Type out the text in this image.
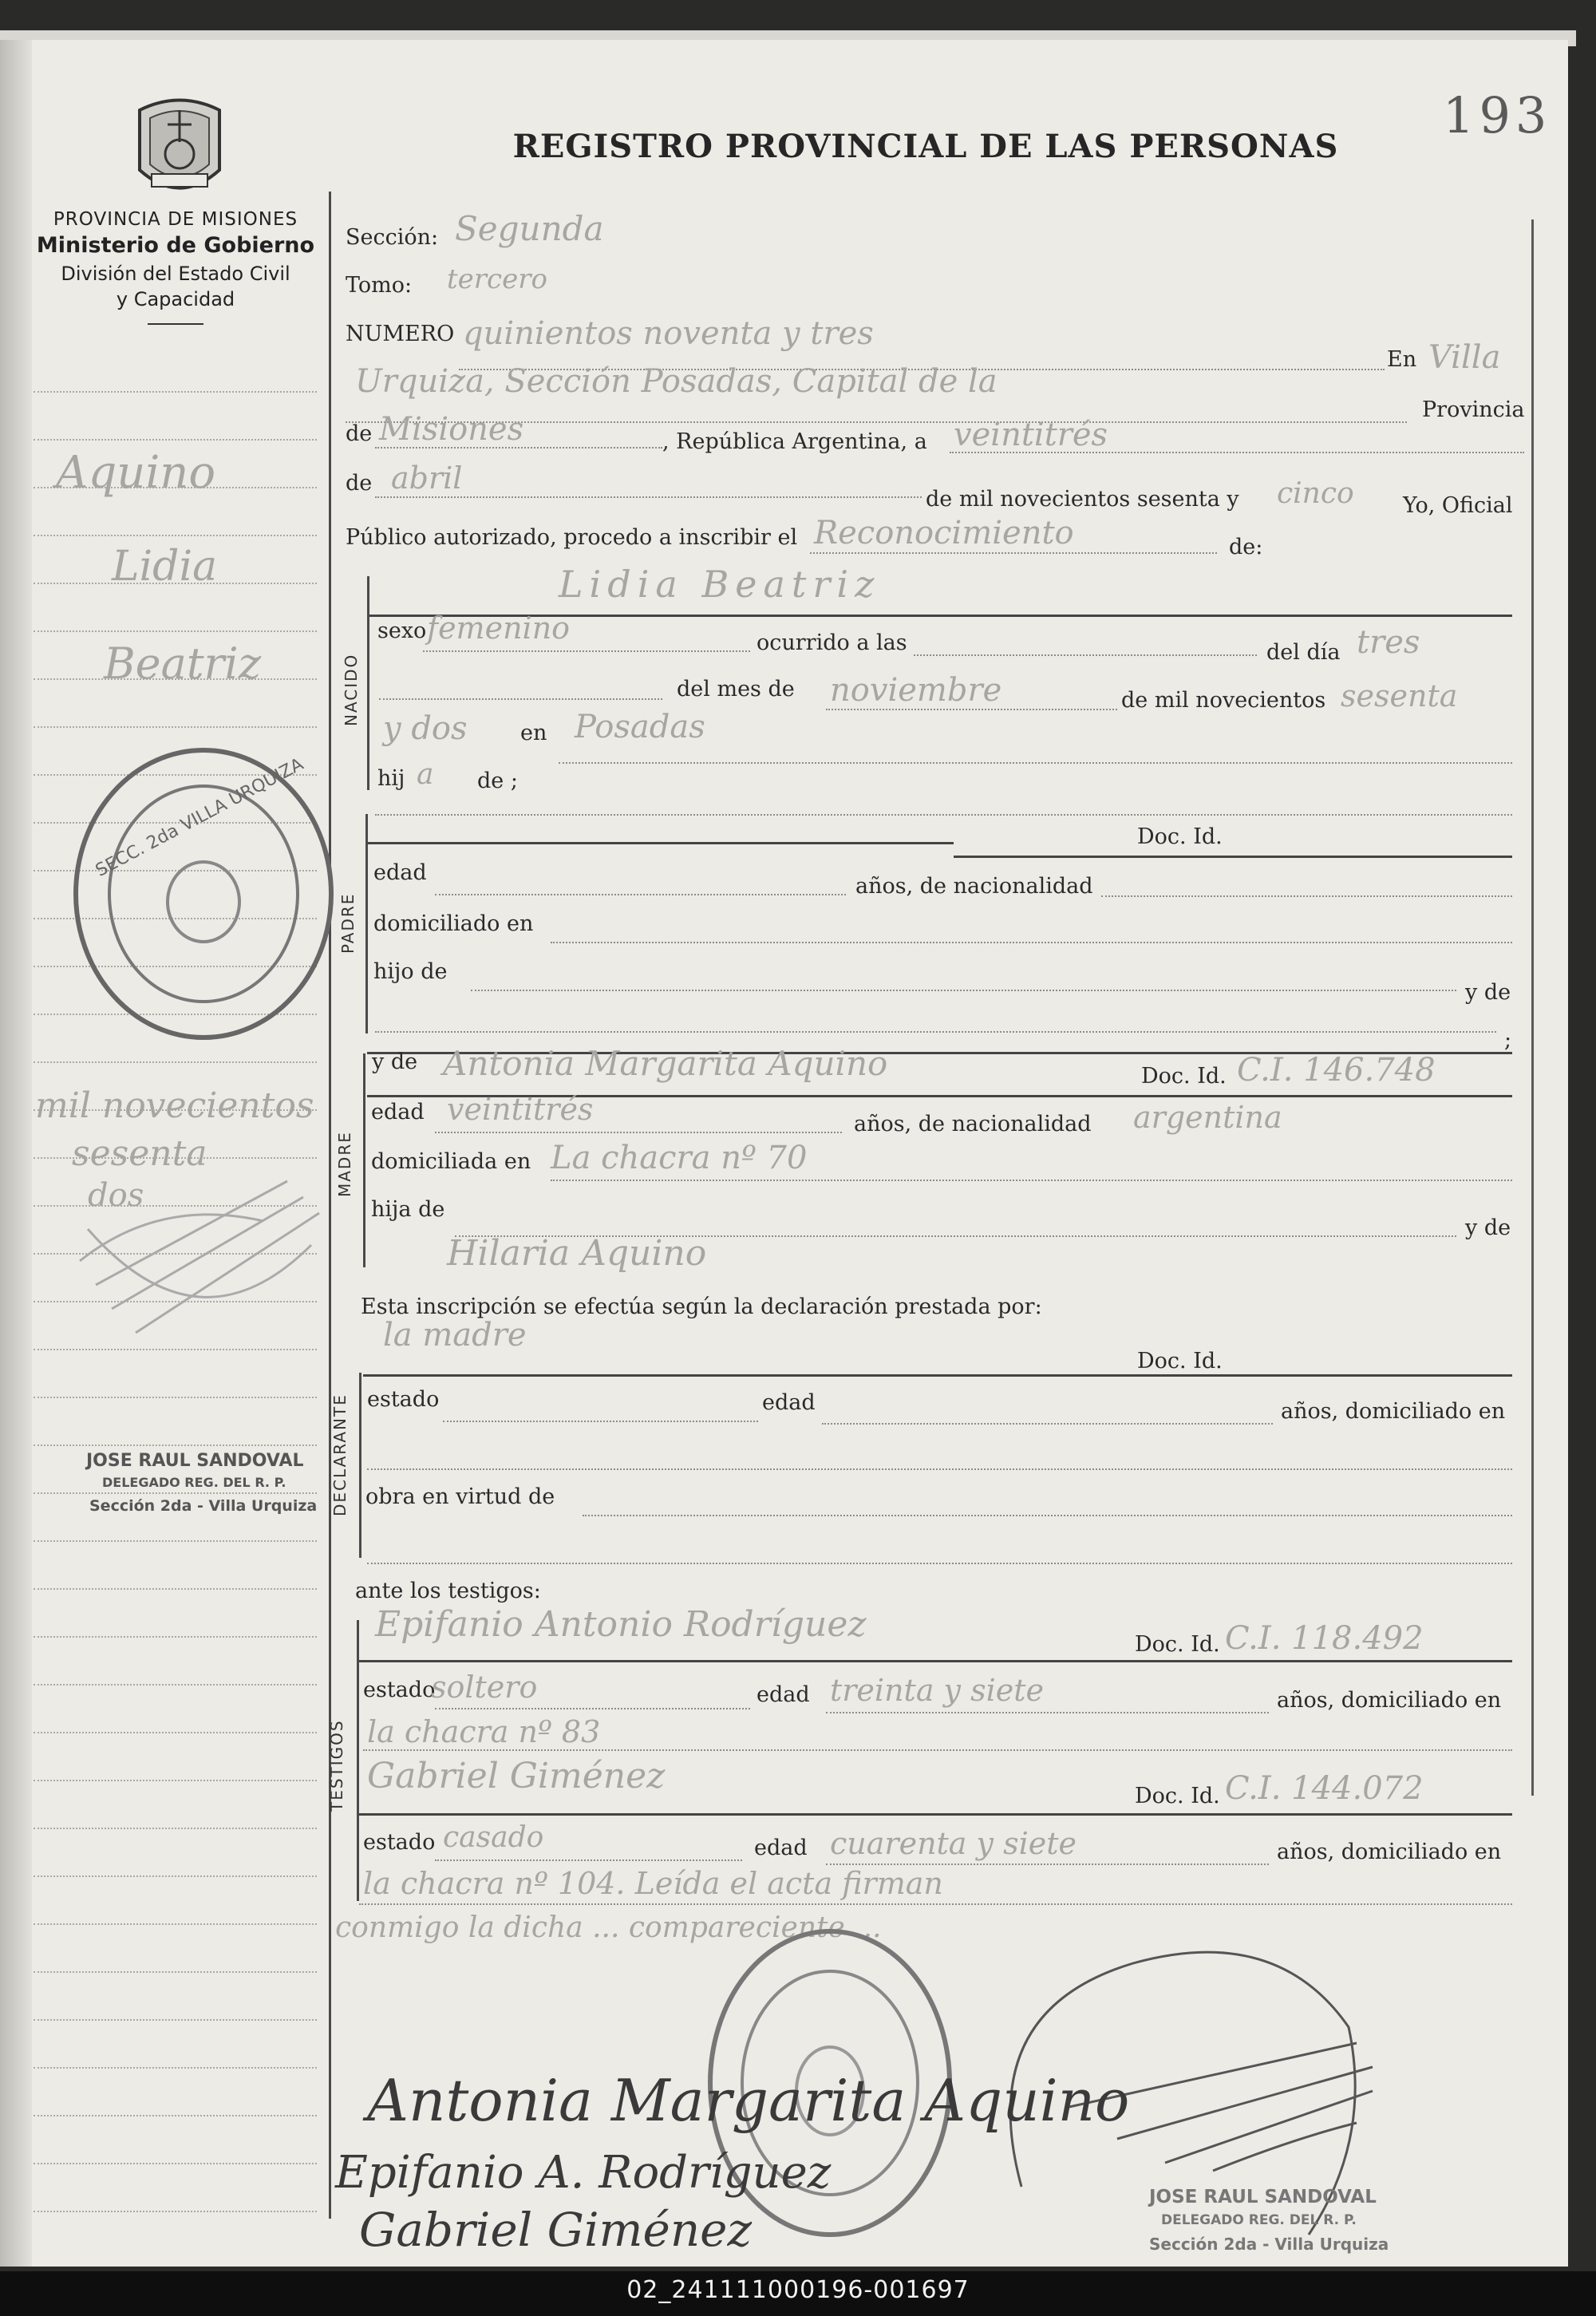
193
REGISTRO PROVINCIAL DE LAS PERSONAS
PROVINCIA DE MISIONES
Ministerio de Gobierno
División del Estado Civil
y Capacidad
Aquino
Lidia
Beatriz
mil novecientos
sesenta
dos
SECC. 2da VILLA URQUIZA
JOSE RAUL SANDOVAL
DELEGADO REG. DEL R. P.
Sección 2da - Villa Urquiza
Sección: Segunda
Tomo: tercero
NUMERO quinientos noventa y tres
En Villa
Urquiza, Sección Posadas, Capital de la
Provincia
de Misiones	, República Argentina, a veintitrés
de abril
de mil novecientos sesenta y cinco Yo, Oficial
Público autorizado, procedo a inscribir el Reconocimiento	de:
Lidia Beatriz
NACIDO
sexo femenino	ocurrido a las	del día tres
del mes de noviembre	de mil novecientos sesenta
y dos en Posadas
hij a de ;
PADRE
Doc. Id.
edad
años, de nacionalidad
domiciliado en
hijo de
y de
;
MADRE
y de Antonia Margarita Aquino	Doc. Id. C.I. 146.748
edad veintitrés	años, de nacionalidad argentina
domiciliada en La chacra nº 70
hija de
y de
Hilaria Aquino
Esta inscripción se efectúa según la declaración prestada por:
la madre
Doc. Id.
DECLARANTE estado	edad	años, domiciliado en
obra en virtud de
ante los testigos:
TESTIGOS
Epifanio Antonio Rodríguez	Doc. Id. C.I. 118.492
estado
soltero	edad treinta y siete	años, domiciliado en
la chacra nº 83
Gabriel Giménez	Doc. Id. C.I. 144.072
estado casado	edad cuarenta y siete	años, domiciliado en
la chacra nº 104. Leída el acta firman
conmigo la dicha ... compareciente ...
JOSE RAUL SANDOVAL
DELEGADO REG. DEL R. P.
Sección 2da - Villa Urquiza
Antonia Margarita Aquino
Epifanio A. Rodríguez
Gabriel Giménez
02_241111000196-001697
